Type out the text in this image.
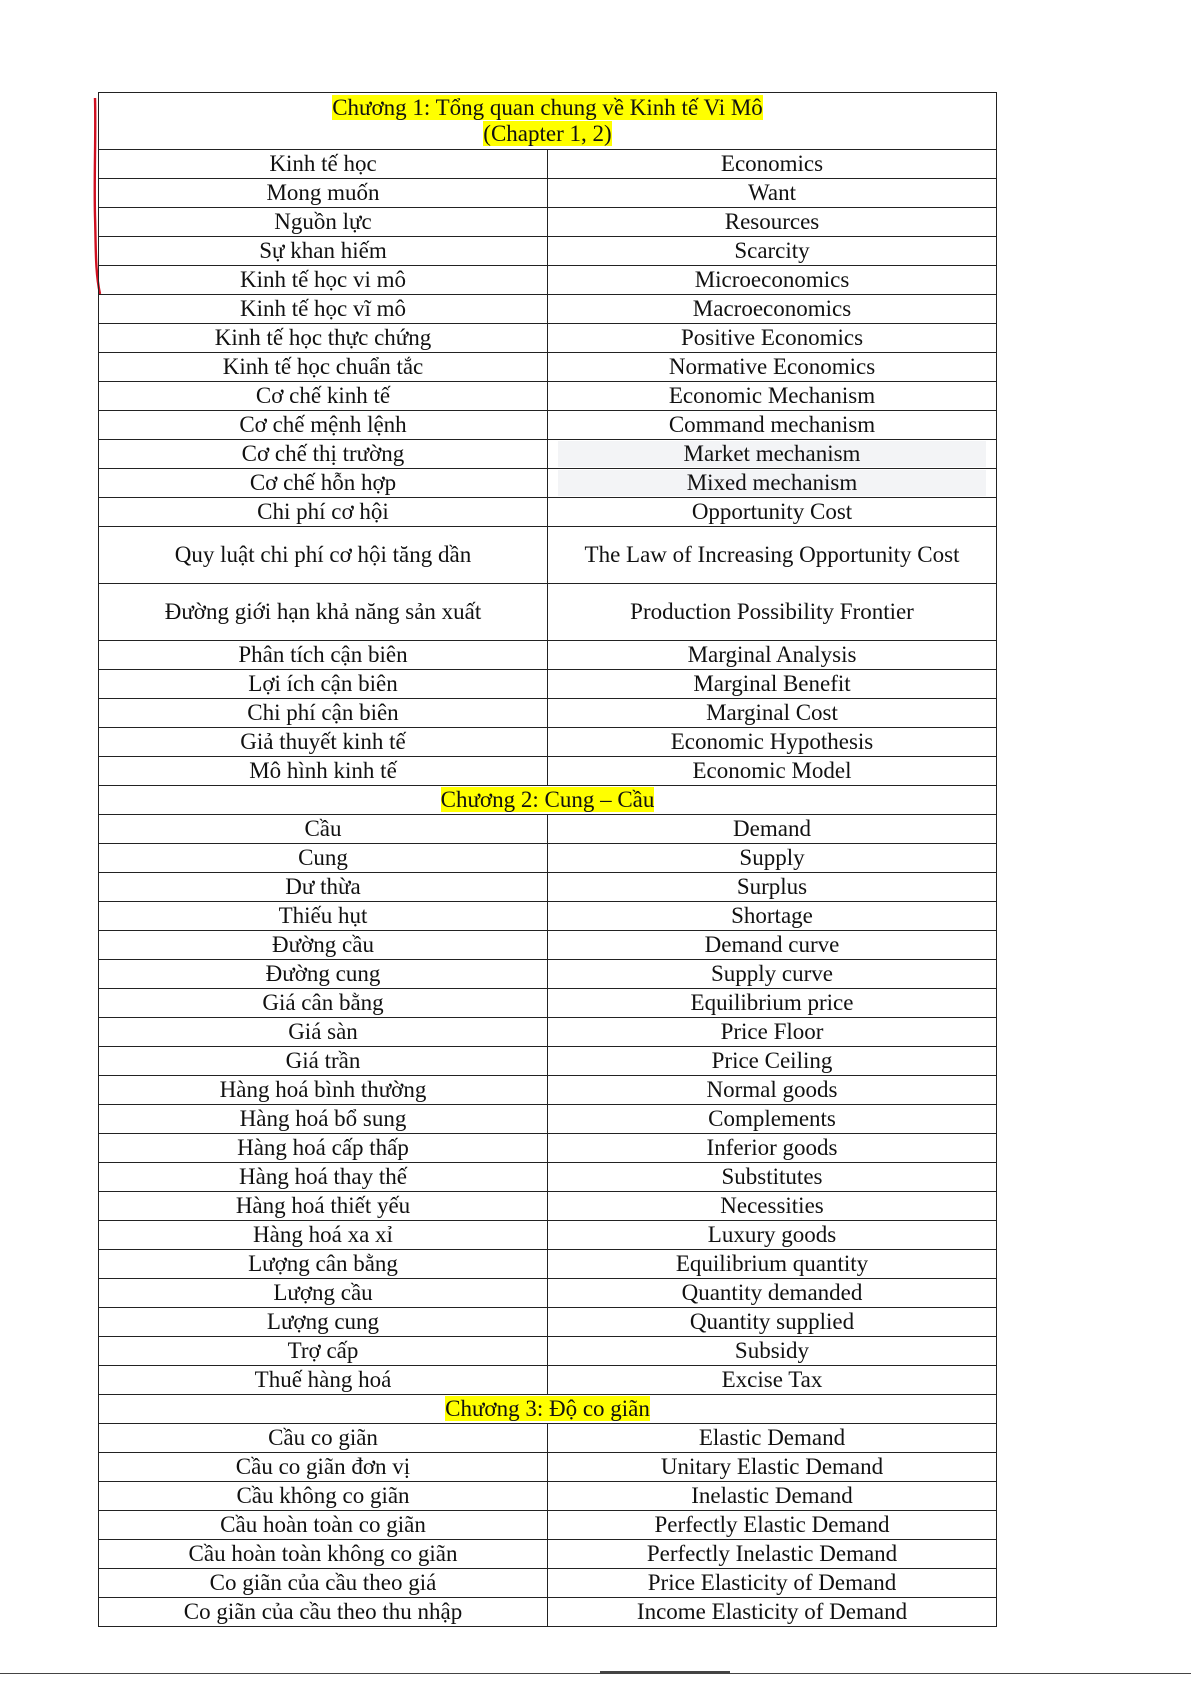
Chương 1: Tổng quan chung về Kinh tế Vi Mô
(Chapter 1, 2)	
Kinh tế học	Economics
Mong muốn	Want
Nguồn lực	Resources
Sự khan hiếm	Scarcity
Kinh tế học vi mô	Microeconomics
Kinh tế học vĩ mô	Macroeconomics
Kinh tế học thực chứng	Positive Economics
Kinh tế học chuẩn tắc	Normative Economics
Cơ chế kinh tế	Economic Mechanism
Cơ chế mệnh lệnh	Command mechanism
Cơ chế thị trường	Market mechanism

Cơ chế hỗn hợp	Mixed mechanism

Chi phí cơ hội	Opportunity Cost
Quy luật chi phí cơ hội tăng dần	The Law of Increasing Opportunity Cost
Đường giới hạn khả năng sản xuất	Production Possibility Frontier
Phân tích cận biên	Marginal Analysis
Lợi ích cận biên	Marginal Benefit
Chi phí cận biên	Marginal Cost
Giả thuyết kinh tế	Economic Hypothesis
Mô hình kinh tế	Economic Model
Chương 2: Cung – Cầu	
Cầu	Demand
Cung	Supply
Dư thừa	Surplus
Thiếu hụt	Shortage
Đường cầu	Demand curve
Đường cung	Supply curve
Giá cân bằng	Equilibrium price
Giá sàn	Price Floor
Giá trần	Price Ceiling
Hàng hoá bình thường	Normal goods
Hàng hoá bổ sung	Complements
Hàng hoá cấp thấp	Inferior goods
Hàng hoá thay thế	Substitutes
Hàng hoá thiết yếu	Necessities
Hàng hoá xa xỉ	Luxury goods
Lượng cân bằng	Equilibrium quantity
Lượng cầu	Quantity demanded
Lượng cung	Quantity supplied
Trợ cấp	Subsidy
Thuế hàng hoá	Excise Tax
Chương 3: Độ co giãn	
Cầu co giãn	Elastic Demand
Cầu co giãn đơn vị	Unitary Elastic Demand
Cầu không co giãn	Inelastic Demand
Cầu hoàn toàn co giãn	Perfectly Elastic Demand
Cầu hoàn toàn không co giãn	Perfectly Inelastic Demand
Co giãn của cầu theo giá	Price Elasticity of Demand
Co giãn của cầu theo thu nhập	Income Elasticity of Demand
